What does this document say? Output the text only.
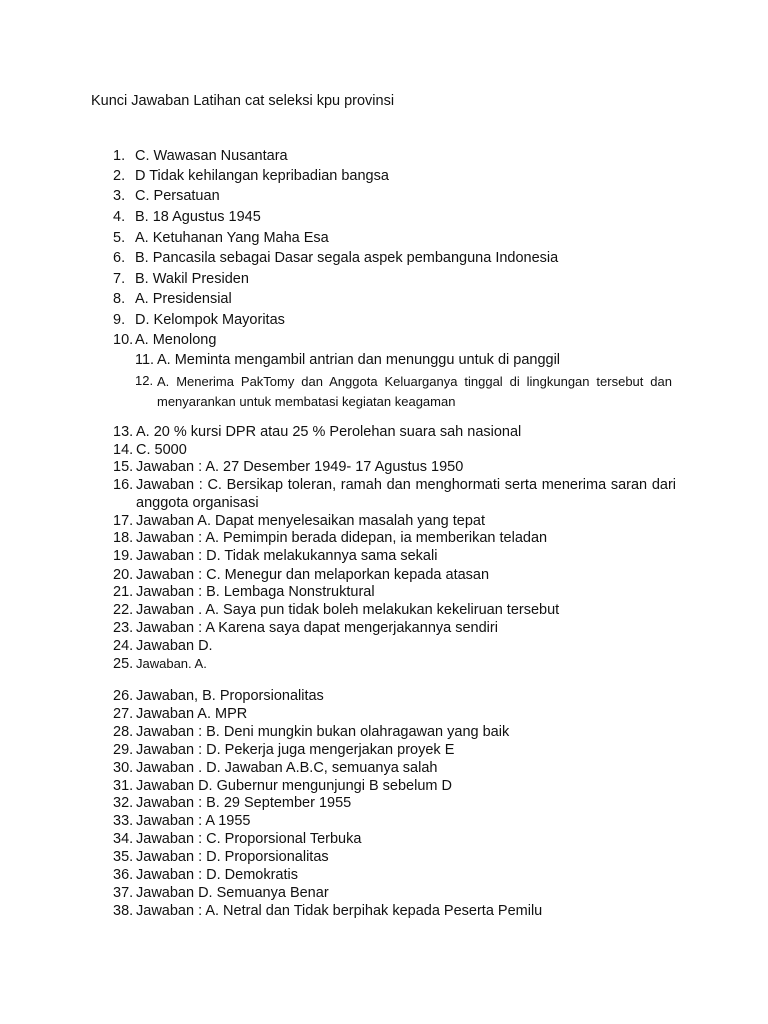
Kunci Jawaban Latihan cat seleksi kpu provinsi
1. C. Wawasan Nusantara
2. D Tidak kehilangan kepribadian bangsa
3. C. Persatuan
4. B. 18 Agustus 1945
5. A. Ketuhanan Yang Maha Esa
6. B. Pancasila sebagai Dasar segala aspek pembanguna Indonesia
7. B. Wakil Presiden
8. A. Presidensial
9. D. Kelompok Mayoritas
10. A. Menolong
11. A. Meminta mengambil antrian dan menunggu untuk di panggil
12. A. Menerima PakTomy dan Anggota Keluarganya tinggal di lingkungan tersebut dan menyarankan untuk membatasi kegiatan keagaman
13. A. 20 % kursi DPR atau 25 % Perolehan suara sah nasional
14. C. 5000
15. Jawaban : A. 27 Desember 1949- 17 Agustus 1950
16. Jawaban : C. Bersikap toleran, ramah dan menghormati serta menerima saran dari anggota organisasi
17. Jawaban A. Dapat menyelesaikan masalah yang tepat
18. Jawaban : A. Pemimpin berada didepan, ia memberikan teladan
19. Jawaban : D. Tidak melakukannya sama sekali
20. Jawaban : C. Menegur dan melaporkan kepada atasan
21. Jawaban : B. Lembaga Nonstruktural
22. Jawaban . A. Saya pun tidak boleh melakukan kekeliruan tersebut
23. Jawaban : A Karena saya dapat mengerjakannya sendiri
24. Jawaban D.
25. Jawaban. A.
26. Jawaban, B. Proporsionalitas
27. Jawaban A. MPR
28. Jawaban : B. Deni mungkin bukan olahragawan yang baik
29. Jawaban : D. Pekerja juga mengerjakan proyek E
30. Jawaban . D. Jawaban A.B.C, semuanya salah
31. Jawaban D. Gubernur mengunjungi B sebelum D
32. Jawaban : B. 29 September 1955
33. Jawaban : A 1955
34. Jawaban : C. Proporsional Terbuka
35. Jawaban : D. Proporsionalitas
36. Jawaban : D. Demokratis
37. Jawaban D. Semuanya Benar
38. Jawaban : A. Netral dan Tidak berpihak kepada Peserta Pemilu
